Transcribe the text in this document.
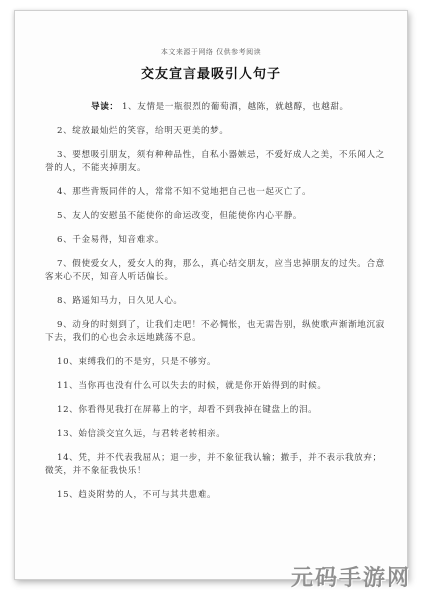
本文来源于网络 仅供参考阅读
交友宣言最吸引人句子

导读： 1、友情是一瓶很烈的葡萄酒，越陈，就越醇，也越甜。

2、绽放最灿烂的笑容，给明天更美的梦。

3、要想吸引朋友，须有种种品性，自私小器嫉忌，不爱好成人之美，不乐闻人之誉的人，不能夹掉朋友。

4、那些背叛同伴的人，常常不知不觉地把自己也一起灭亡了。

5、友人的安慰虽不能使你的命运改变，但能使你内心平静。

6、千金易得，知音难求。

7、假使爱女人，爱女人的狗，那么，真心结交朋友，应当忠掉朋友的过失。合意客来心不厌，知音人听话偏长。

8、路遥知马力，日久见人心。

9、动身的时刻到了，让我们走吧！不必惆怅，也无需告别，纵使歌声渐渐地沉寂下去，我们的心也会永远地跳荡不息。

10、束缚我们的不是穷，只是不够穷。

11、当你再也没有什么可以失去的时候，就是你开始得到的时候。

12、你看得见我打在屏幕上的字，却看不到我掉在键盘上的泪。

13、始信淡交宜久远，与君转老转相亲。

14、凭，并不代表我屈从；退一步，并不象征我认输；撤手，并不表示我放弃；微笑，并不象征我快乐！

15、趋炎附势的人，不可与其共患难。

元码手游网
